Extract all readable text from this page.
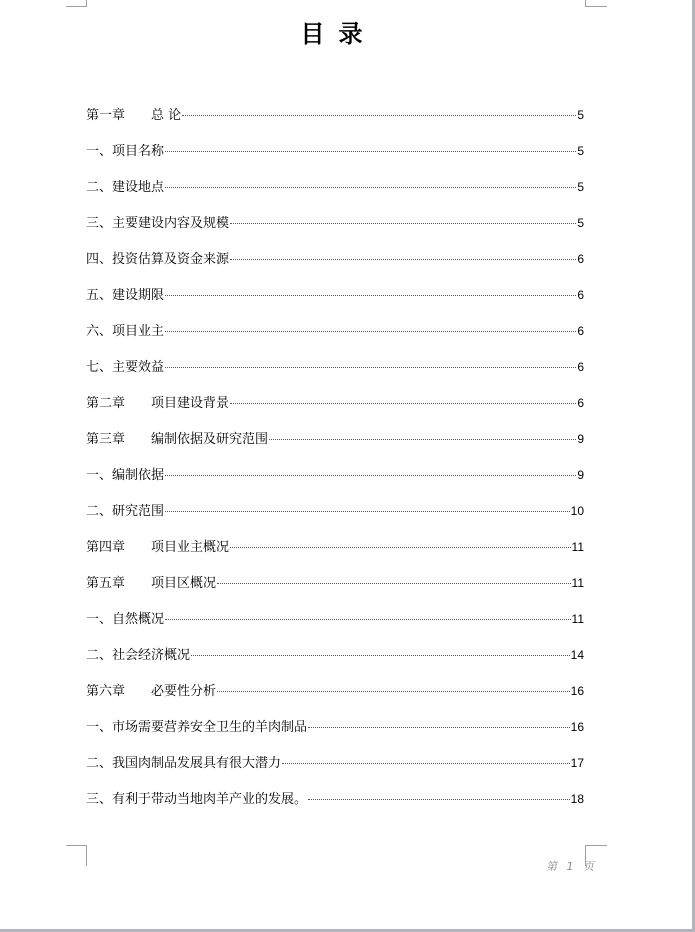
目录
第一章　　总 论	5
一、项目名称	5
二、建设地点	5
三、主要建设内容及规模	5
四、投资估算及资金来源	6
五、建设期限	6
六、项目业主	6
七、主要效益	6
第二章　　项目建设背景	6
第三章　　编制依据及研究范围	9
一、编制依据	9
二、研究范围	10
第四章　　项目业主概况	11
第五章　　项目区概况	11
一、自然概况	11
二、社会经济概况	14
第六章　　必要性分析	16
一、市场需要营养安全卫生的羊肉制品	16
二、我国肉制品发展具有很大潜力	17
三、有利于带动当地肉羊产业的发展。	18
第 1 页
